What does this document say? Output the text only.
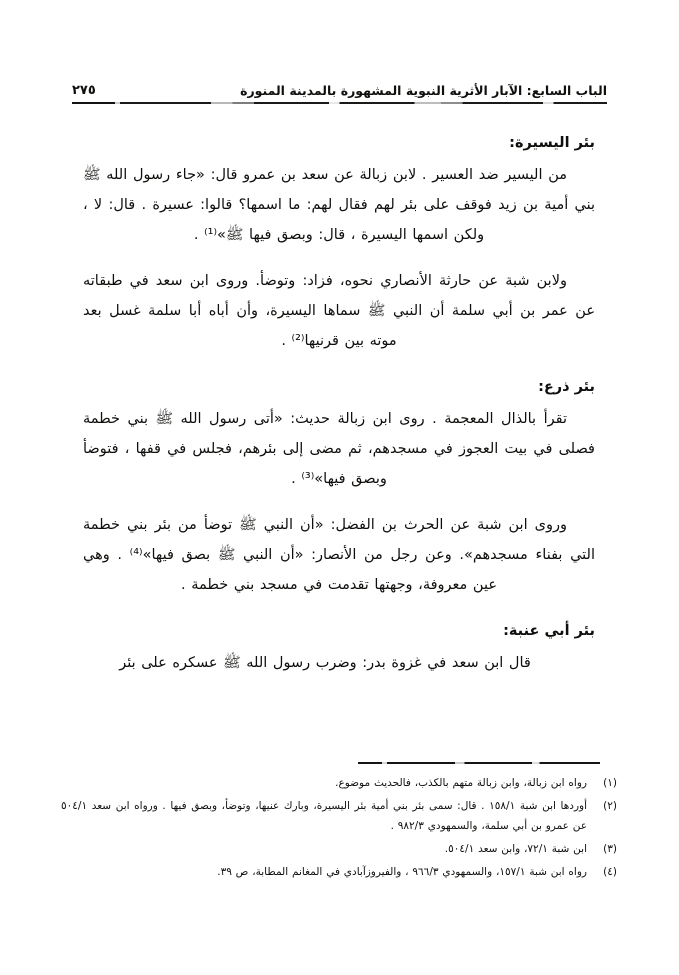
الباب السابع: الآبار الأثرية النبوية المشهورة بالمدينة المنورة
٢٧٥
بئر اليسيرة:

من اليسير ضد العسير . لابن زبالة عن سعد بن عمرو قال: «جاء رسول الله ﷺ بني أمية بن زيد فوقف على بئر لهم فقال لهم: ما اسمها؟ قالوا: عسيرة . قال: لا ، ولكن اسمها اليسيرة ، قال: وبصق فيها ﷺ»⁽¹⁾ .

ولابن شبة عن حارثة الأنصاري نحوه، فزاد: وتوضأ. وروى ابن سعد في طبقاته عن عمر بن أبي سلمة أن النبي ﷺ سماها اليسيرة، وأن أباه أبا سلمة غسل بعد موته بين قرنيها⁽²⁾ .

بئر ذرع:

تقرأ بالذال المعجمة . روى ابن زبالة حديث: «أتى رسول الله ﷺ بني خطمة فصلى في بيت العجوز في مسجدهم، ثم مضى إلى بئرهم، فجلس في قفها ، فتوضأ وبصق فيها»⁽³⁾ .

وروى ابن شبة عن الحرث بن الفضل: «أن النبي ﷺ توضأ من بئر بني خطمة التي بفناء مسجدهم». وعن رجل من الأنصار: «أن النبي ﷺ بصق فيها»⁽⁴⁾ . وهي عين معروفة، وجهتها تقدمت في مسجد بني خطمة .

بئر أبي عنبة:

قال ابن سعد في غزوة بدر: وضرب رسول الله ﷺ عسكره على بئر

(١)
رواه ابن زبالة، وابن زبالة متهم بالكذب، فالحديث موضوع.
(٢)
أوردها ابن شبة ١٥٨/١ . قال: سمى بئر بني أمية بئر اليسيرة، وبارك عنيها، وتوضأ، وبصق فيها . ورواه ابن سعد ٥٠٤/١ عن عمرو بن أبي سلمة، والسمهودي ٩٨٢/٣ .
(٣)
ابن شبة ٧٢/١، وابن سعد ٥٠٤/١.
(٤)
رواه ابن شبة ١٥٧/١، والسمهودي ٩٦٦/٣ ، والفيروزآبادي في المغانم المطابة، ص ٣٩.
